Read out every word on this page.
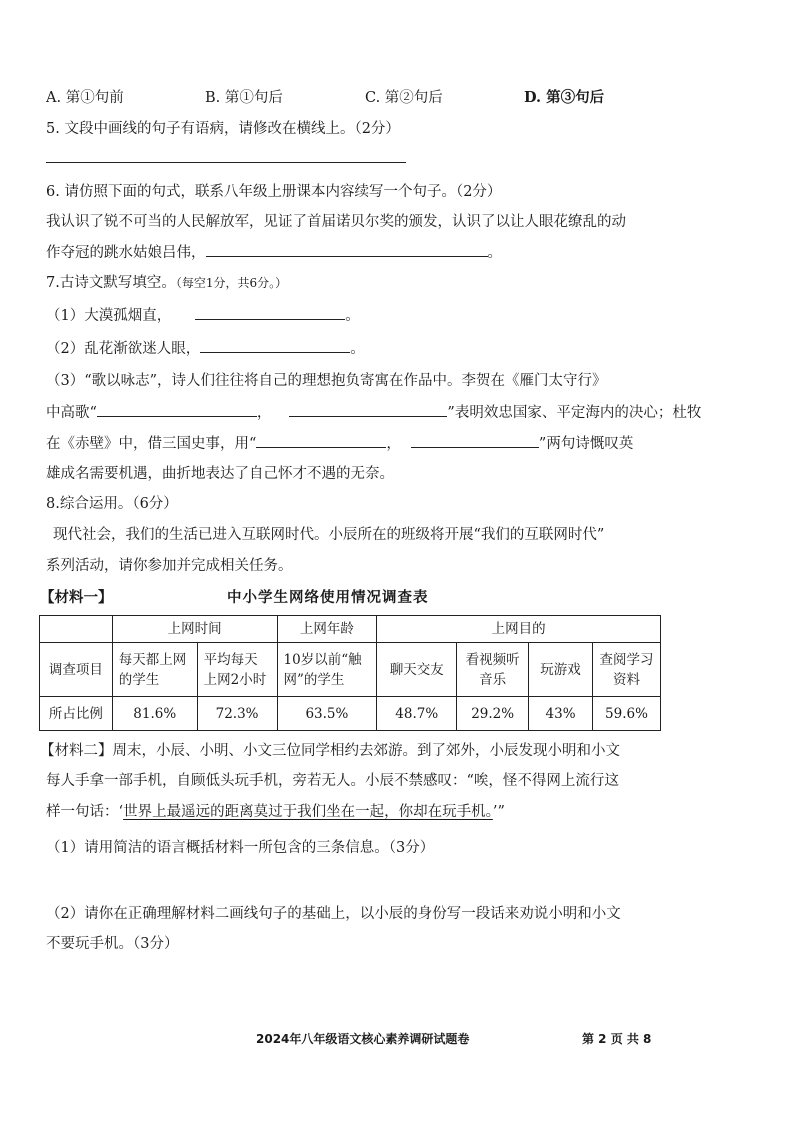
A. 第①句前	B. 第①句后	C. 第②句后	D. 第③句后
5. 文段中画线的句子有语病，请修改在横线上。（2分）
6. 请仿照下面的句式，联系八年级上册课本内容续写一个句子。（2分）
我认识了锐不可当的人民解放军，见证了首届诺贝尔奖的颁发，认识了以让人眼花缭乱的动
作夺冠的跳水姑娘吕伟，	。
7.古诗文默写填空。（每空1分，共6分。）
（1）大漠孤烟直，	。
（2）乱花渐欲迷人眼，	。
（3）“歌以咏志”，诗人们往往将自己的理想抱负寄寓在作品中。李贺在《雁门太守行》
中高歌“	，	”表明效忠国家、平定海内的决心；杜牧
在《赤壁》中，借三国史事，用“	，	”两句诗慨叹英
雄成名需要机遇，曲折地表达了自己怀才不遇的无奈。
8.综合运用。（6分）
现代社会，我们的生活已进入互联网时代。小辰所在的班级将开展“我们的互联网时代”
系列活动，请你参加并完成相关任务。
【材料一】	中小学生网络使用情况调查表
	上网时间		上网年龄	上网目的			
调查项目	每天都上网的学生	平均每天上网2小时	10岁以前“触网”的学生	聊天交友	看视频听音乐	玩游戏	查阅学习资料
所占比例	81.6%	72.3%	63.5%	48.7%	29.2%	43%	59.6%
【材料二】周末，小辰、小明、小文三位同学相约去郊游。到了郊外，小辰发现小明和小文
每人手拿一部手机，自顾低头玩手机，旁若无人。小辰不禁感叹：“唉，怪不得网上流行这
样一句话：‘世界上最遥远的距离莫过于我们坐在一起，你却在玩手机。’”
（1）请用简洁的语言概括材料一所包含的三条信息。（3分）
（2）请你在正确理解材料二画线句子的基础上，以小辰的身份写一段话来劝说小明和小文
不要玩手机。（3分）
2024年八年级语文核心素养调研试题卷	第 2 页 共 8
